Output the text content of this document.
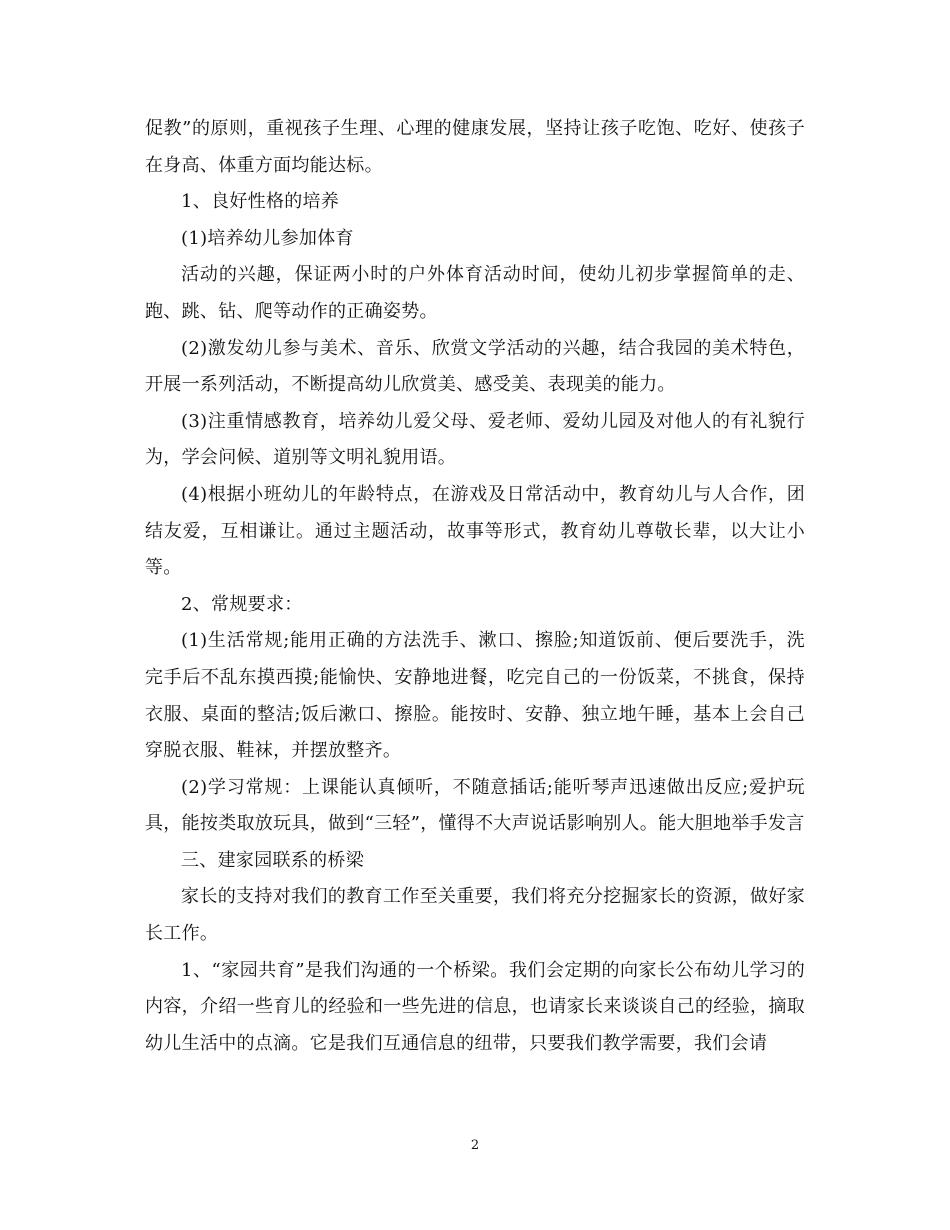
促教”的原则，重视孩子生理、心理的健康发展，坚持让孩子吃饱、吃好、使孩子在身高、体重方面均能达标。

1、良好性格的培养

(1)培养幼儿参加体育

活动的兴趣，保证两小时的户外体育活动时间，使幼儿初步掌握简单的走、跑、跳、钻、爬等动作的正确姿势。

(2)激发幼儿参与美术、音乐、欣赏文学活动的兴趣，结合我园的美术特色，开展一系列活动，不断提高幼儿欣赏美、感受美、表现美的能力。

(3)注重情感教育，培养幼儿爱父母、爱老师、爱幼儿园及对他人的有礼貌行为，学会问候、道别等文明礼貌用语。

(4)根据小班幼儿的年龄特点，在游戏及日常活动中，教育幼儿与人合作，团结友爱，互相谦让。通过主题活动，故事等形式，教育幼儿尊敬长辈，以大让小等。

2、常规要求：

(1)生活常规;能用正确的方法洗手、漱口、擦脸;知道饭前、便后要洗手，洗完手后不乱东摸西摸;能愉快、安静地进餐，吃完自己的一份饭菜，不挑食，保持衣服、桌面的整洁;饭后漱口、擦脸。能按时、安静、独立地午睡，基本上会自己穿脱衣服、鞋袜，并摆放整齐。

(2)学习常规：上课能认真倾听，不随意插话;能听琴声迅速做出反应;爱护玩具，能按类取放玩具，做到“三轻”，懂得不大声说话影响别人。能大胆地举手发言

三、建家园联系的桥梁

家长的支持对我们的教育工作至关重要，我们将充分挖掘家长的资源，做好家长工作。

1、“家园共育”是我们沟通的一个桥梁。我们会定期的向家长公布幼儿学习的内容，介绍一些育儿的经验和一些先进的信息，也请家长来谈谈自己的经验，摘取幼儿生活中的点滴。它是我们互通信息的纽带，只要我们教学需要，我们会请

2
